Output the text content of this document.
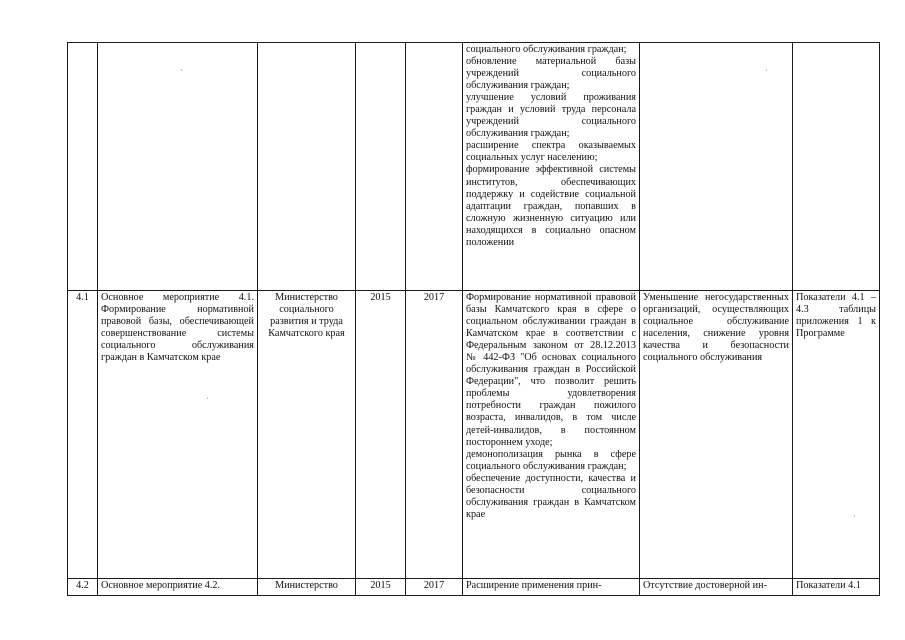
					социального обслуживания граждан;
обновление материальной базы учреждений социального обслуживания граждан;
улучшение условий проживания граждан и условий труда персонала учреждений социального обслуживания граждан;
расширение спектра оказываемых социальных услуг населению;
формирование эффективной системы институтов, обеспечивающих поддержку и содействие социальной адаптации граждан, попавших в сложную жизненную ситуацию или находящихся в социально опасном положении		
4.1	Основное мероприятие 4.1. Формирование нормативной правовой базы, обеспечивающей совершенствование системы социального обслуживания граждан в Камчатском крае	Министерство социального развития и труда Камчатского края	2015	2017	Формирование нормативной правовой базы Камчатского края в сфере о социальном обслуживании граждан в Камчатском крае в соответствии с Федеральным законом от 28.12.2013 № 442-ФЗ "Об основах социального обслуживания граждан в Российской Федерации", что позволит решить проблемы удовлетворения потребности граждан пожилого возраста, инвалидов, в том числе детей-инвалидов, в постоянном постороннем уходе;
демонополизация рынка в сфере социального обслуживания граждан;
обеспечение доступности, качества и безопасности социального обслуживания граждан в Камчатском крае	Уменьшение негосударственных организаций, осуществляющих социальное обслуживание населения, снижение уровня качества и безопасности социального обслуживания	Показатели 4.1 – 4.3 таблицы приложения 1 к Программе
4.2	Основное мероприятие 4.2.	Министерство	2015	2017	Расширение применения прин-	Отсутствие достоверной ин-	Показатели 4.1
·	·
·
·
